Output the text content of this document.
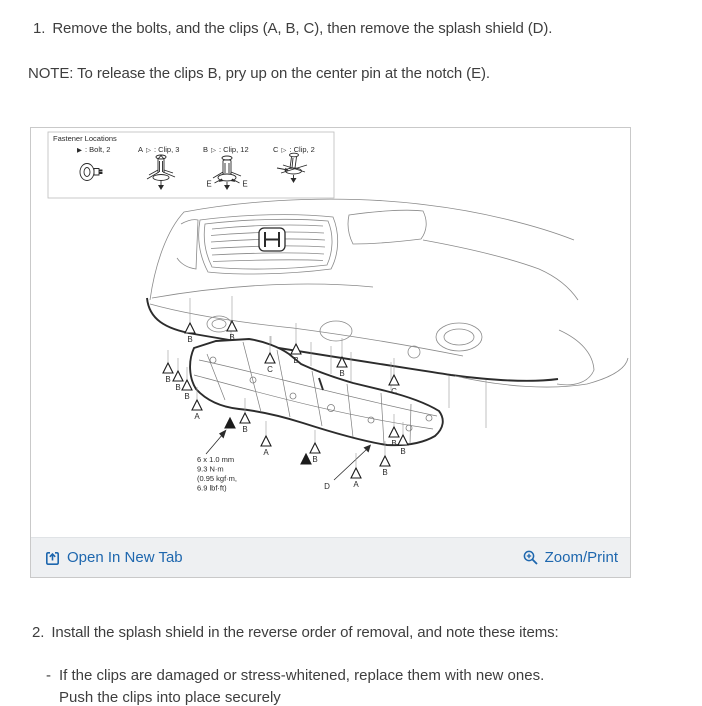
1. Remove the bolts, and the clips (A, B, C), then remove the splash shield (D).
NOTE: To release the clips B, pry up on the center pin at the notch (E).
Fastener Locations
▶ : Bolt, 2	A ▷ : Clip, 3	B ▷ : Clip, 12	C ▷ : Clip, 2
E	E
6 x 1.0 mm
9.3 N·m
(0.95 kgf·m,
6.9 lbf·ft)	D
B	B
B
C	B
C
B
B
B
A
B
A
B
A
B
B
B
Open In New Tab	Zoom/Print
2. Install the splash shield in the reverse order of removal, and note these items:
- If the clips are damaged or stress-whitened, replace them with new ones.
Push the clips into place securely
